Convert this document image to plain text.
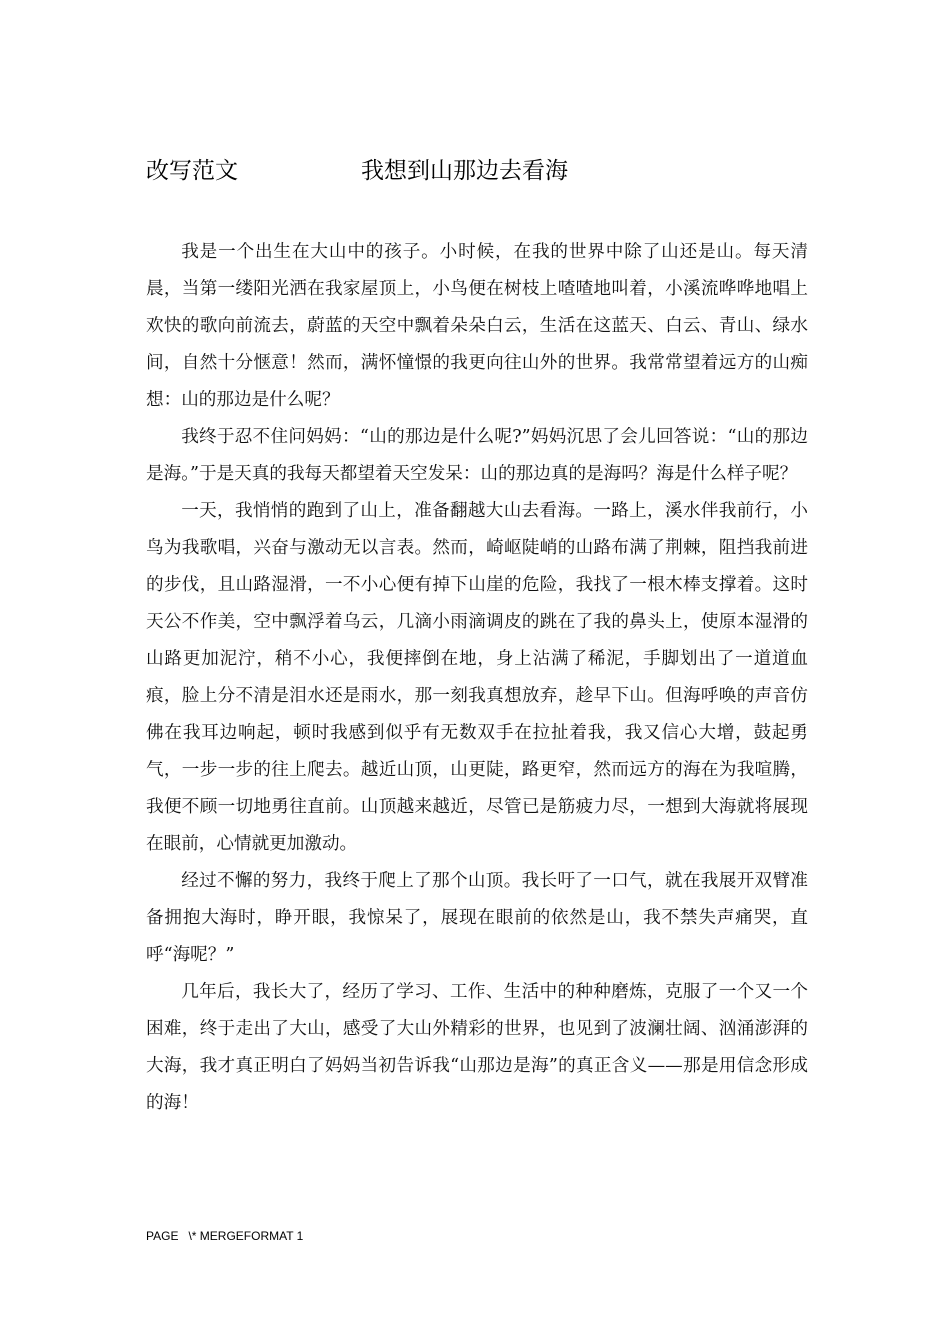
改写范文	我想到山那边去看海

我是一个出生在大山中的孩子。小时候，在我的世界中除了山还是山。每天清晨，当第一缕阳光洒在我家屋顶上，小鸟便在树枝上喳喳地叫着，小溪流哗哗地唱上欢快的歌向前流去，蔚蓝的天空中飘着朵朵白云，生活在这蓝天、白云、青山、绿水间，自然十分惬意！然而，满怀憧憬的我更向往山外的世界。我常常望着远方的山痴想：山的那边是什么呢？

我终于忍不住问妈妈：“山的那边是什么呢?”妈妈沉思了会儿回答说：“山的那边是海。”于是天真的我每天都望着天空发呆：山的那边真的是海吗？海是什么样子呢？

一天，我悄悄的跑到了山上，准备翻越大山去看海。一路上，溪水伴我前行，小鸟为我歌唱，兴奋与激动无以言表。然而，崎岖陡峭的山路布满了荆棘，阻挡我前进的步伐，且山路湿滑，一不小心便有掉下山崖的危险，我找了一根木棒支撑着。这时天公不作美，空中飘浮着乌云，几滴小雨滴调皮的跳在了我的鼻头上，使原本湿滑的山路更加泥泞，稍不小心，我便摔倒在地，身上沾满了稀泥，手脚划出了一道道血痕，脸上分不清是泪水还是雨水，那一刻我真想放弃，趁早下山。但海呼唤的声音仿佛在我耳边响起，顿时我感到似乎有无数双手在拉扯着我，我又信心大增，鼓起勇气，一步一步的往上爬去。越近山顶，山更陡，路更窄，然而远方的海在为我喧腾，我便不顾一切地勇往直前。山顶越来越近，尽管已是筋疲力尽，一想到大海就将展现在眼前，心情就更加激动。

经过不懈的努力，我终于爬上了那个山顶。我长吁了一口气，就在我展开双臂准备拥抱大海时，睁开眼，我惊呆了，展现在眼前的依然是山，我不禁失声痛哭，直呼“海呢？”

几年后，我长大了，经历了学习、工作、生活中的种种磨炼，克服了一个又一个困难，终于走出了大山，感受了大山外精彩的世界，也见到了波澜壮阔、汹涌澎湃的大海，我才真正明白了妈妈当初告诉我“山那边是海”的真正含义——那是用信念形成的海！

PAGE   \* MERGEFORMAT 1
